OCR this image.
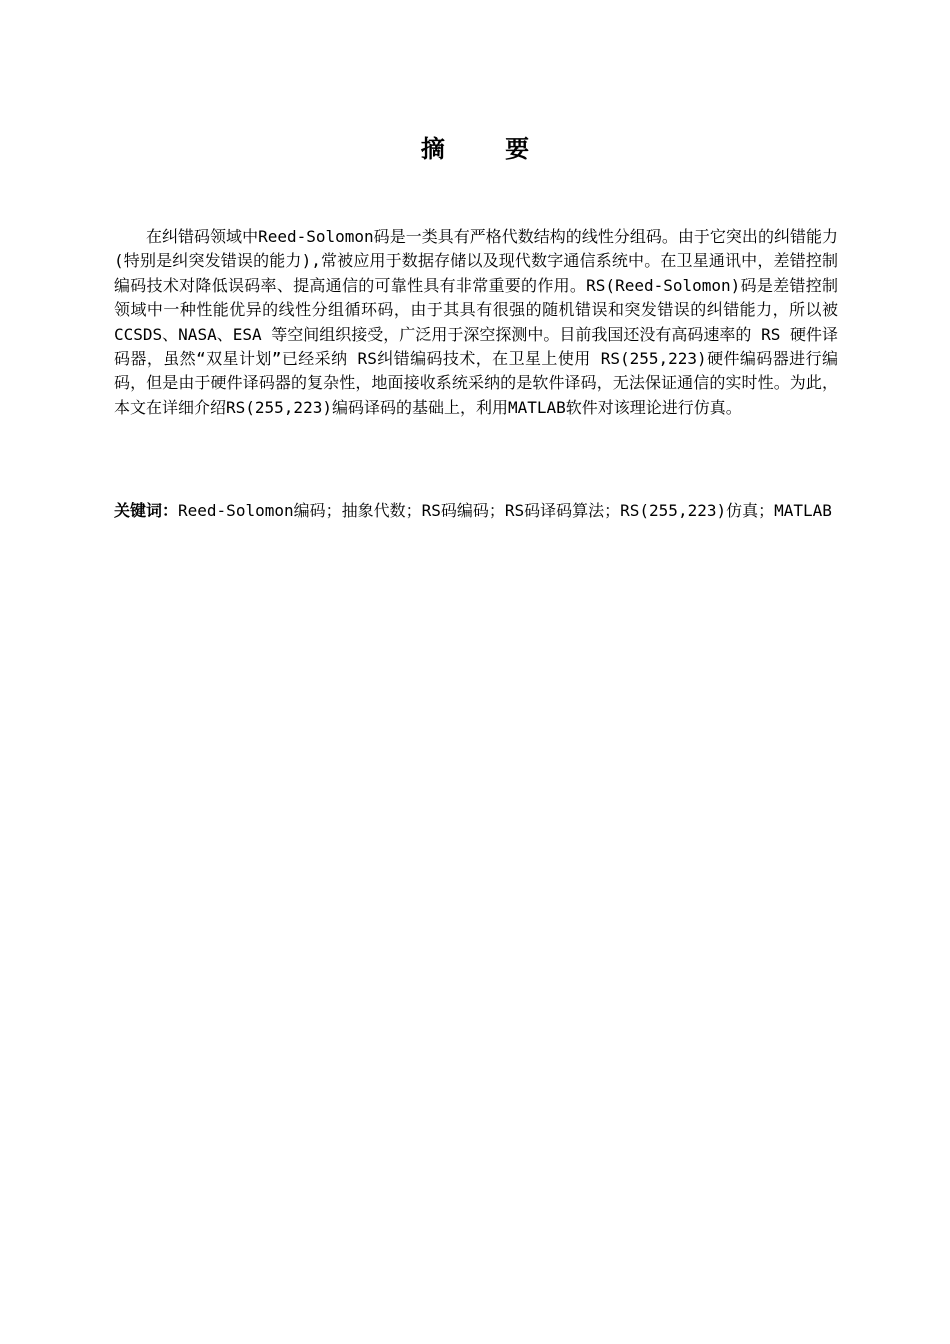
摘 要

在纠错码领域中Reed-Solomon码是一类具有严格代数结构的线性分组码。由于它突出的纠错能力(特别是纠突发错误的能力),常被应用于数据存储以及现代数字通信系统中。在卫星通讯中，差错控制编码技术对降低误码率、提高通信的可靠性具有非常重要的作用。RS(Reed-Solomon)码是差错控制领域中一种性能优异的线性分组循环码，由于其具有很强的随机错误和突发错误的纠错能力，所以被CCSDS、NASA、ESA 等空间组织接受，广泛用于深空探测中。目前我国还没有高码速率的 RS 硬件译码器，虽然“双星计划”已经采纳 RS纠错编码技术，在卫星上使用 RS(255,223)硬件编码器进行编码，但是由于硬件译码器的复杂性，地面接收系统采纳的是软件译码，无法保证通信的实时性。为此，本文在详细介绍RS(255,223)编码译码的基础上，利用MATLAB软件对该理论进行仿真。

关键词：Reed-Solomon编码；抽象代数；RS码编码；RS码译码算法；RS(255,223)仿真；MATLAB
